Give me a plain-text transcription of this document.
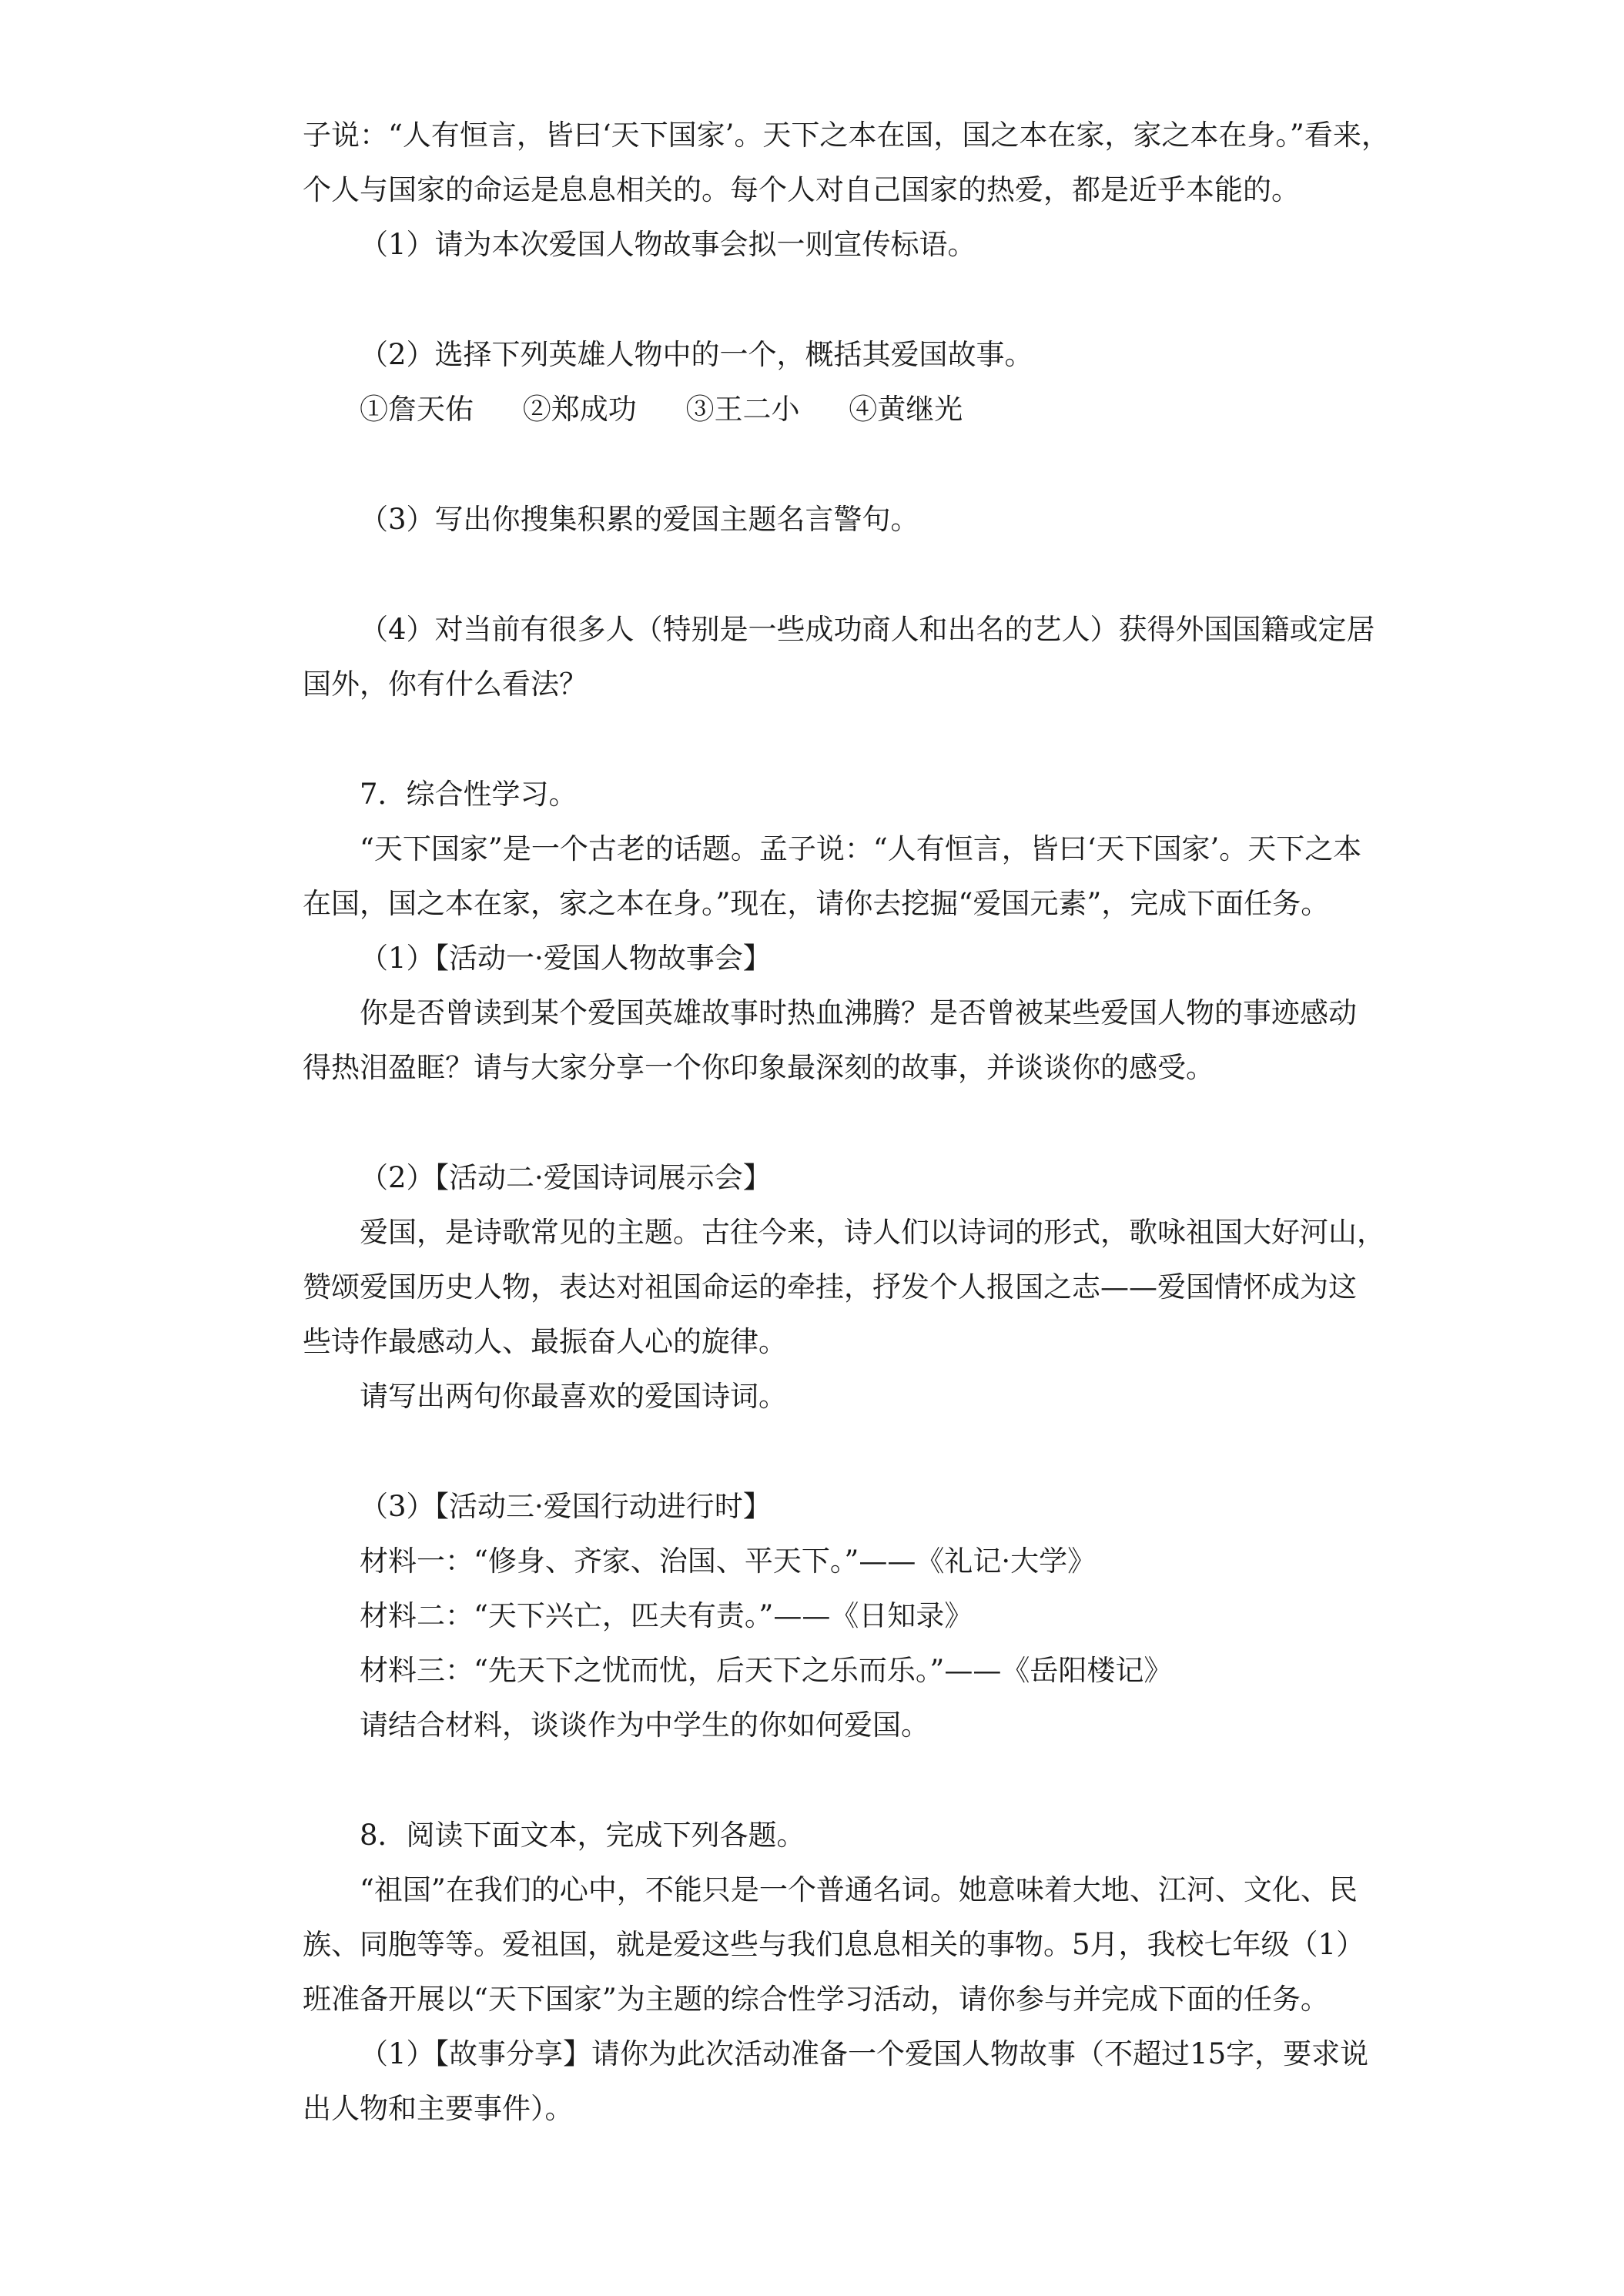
子说：“人有恒言，皆曰‘天下国家’。天下之本在国，国之本在家，家之本在身。”看来，

个人与国家的命运是息息相关的。每个人对自己国家的热爱，都是近乎本能的。

（1）请为本次爱国人物故事会拟一则宣传标语。

（2）选择下列英雄人物中的一个，概括其爱国故事。

①詹天佑 ②郑成功 ③王二小 ④黄继光

（3）写出你搜集积累的爱国主题名言警句。

（4）对当前有很多人（特别是一些成功商人和出名的艺人）获得外国国籍或定居

国外，你有什么看法？

7．综合性学习。

“天下国家”是一个古老的话题。孟子说：“人有恒言，皆曰‘天下国家’。天下之本

在国，国之本在家，家之本在身。”现在，请你去挖掘“爱国元素”，完成下面任务。

（1）【活动一·爱国人物故事会】

你是否曾读到某个爱国英雄故事时热血沸腾？是否曾被某些爱国人物的事迹感动

得热泪盈眶？请与大家分享一个你印象最深刻的故事，并谈谈你的感受。

（2）【活动二·爱国诗词展示会】

爱国，是诗歌常见的主题。古往今来，诗人们以诗词的形式，歌咏祖国大好河山，

赞颂爱国历史人物，表达对祖国命运的牵挂，抒发个人报国之志——爱国情怀成为这

些诗作最感动人、最振奋人心的旋律。

请写出两句你最喜欢的爱国诗词。

（3）【活动三·爱国行动进行时】

材料一：“修身、齐家、治国、平天下。”——《礼记·大学》

材料二：“天下兴亡，匹夫有责。”——《日知录》

材料三：“先天下之忧而忧，后天下之乐而乐。”——《岳阳楼记》

请结合材料，谈谈作为中学生的你如何爱国。

8．阅读下面文本，完成下列各题。

“祖国”在我们的心中，不能只是一个普通名词。她意味着大地、江河、文化、民

族、同胞等等。爱祖国，就是爱这些与我们息息相关的事物。5月，我校七年级（1）

班准备开展以“天下国家”为主题的综合性学习活动，请你参与并完成下面的任务。

（1）【故事分享】请你为此次活动准备一个爱国人物故事（不超过15字，要求说

出人物和主要事件）。
